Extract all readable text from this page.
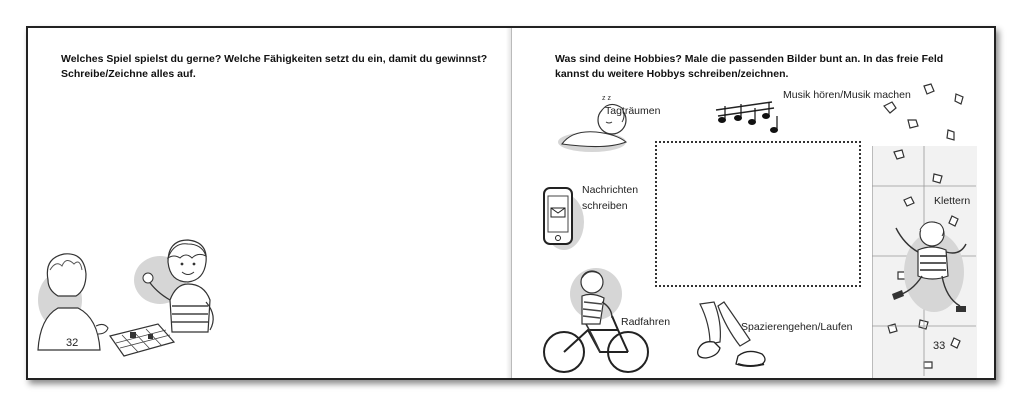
Welches Spiel spielst du gerne? Welche Fähigkeiten setzt du ein, damit du gewinnst? Schreibe/Zeichne alles auf.
32
Was sind deine Hobbies? Male die passenden Bilder bunt an. In das freie Feld kannst du weitere Hobbys schreiben/zeichnen.
z z
Tagträumen
Musik hören/Musik machen
Nachrichten schreiben	Klettern
Radfahren	Spazierengehen/Laufen
33
